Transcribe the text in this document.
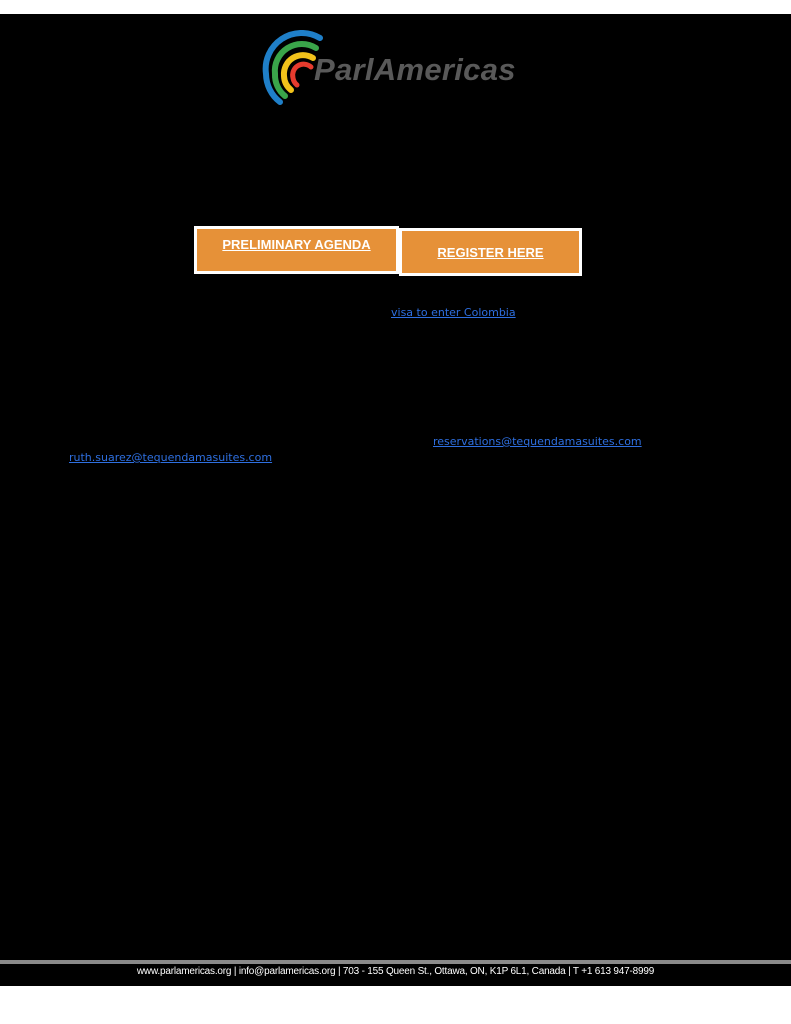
ParlAmericas
PRELIMINARY AGENDA
REGISTER HERE
visa to enter Colombia
reservations@tequendamasuites.com
ruth.suarez@tequendamasuites.com
www.parlamericas.org | info@parlamericas.org | 703 - 155 Queen St., Ottawa, ON, K1P 6L1, Canada | T +1 613 947-8999
